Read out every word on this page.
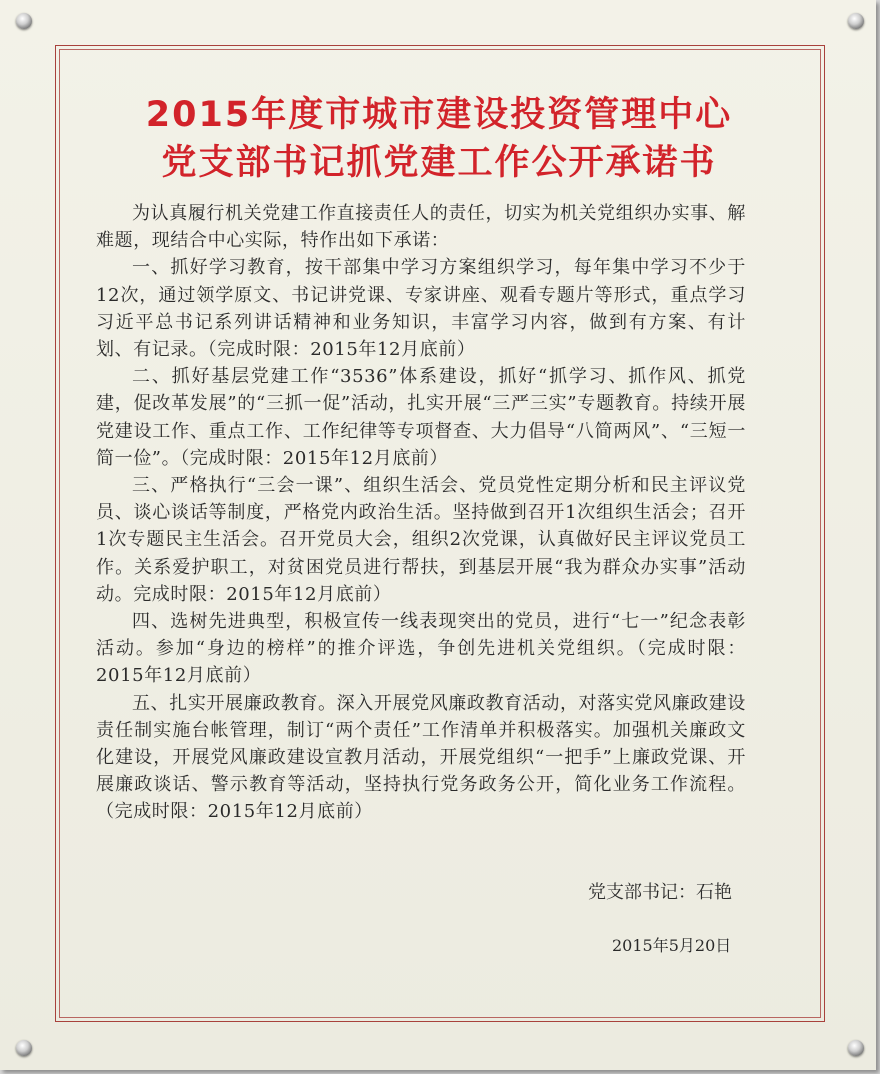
2015年度市城市建设投资管理中心
党支部书记抓党建工作公开承诺书

为认真履行机关党建工作直接责任人的责任，切实为机关党组织办实事、解难题，现结合中心实际，特作出如下承诺：

一、抓好学习教育，按干部集中学习方案组织学习，每年集中学习不少于12次，通过领学原文、书记讲党课、专家讲座、观看专题片等形式，重点学习习近平总书记系列讲话精神和业务知识，丰富学习内容，做到有方案、有计划、有记录。（完成时限：2015年12月底前）

二、抓好基层党建工作“3536”体系建设，抓好“抓学习、抓作风、抓党建，促改革发展”的“三抓一促”活动，扎实开展“三严三实”专题教育。持续开展党建设工作、重点工作、工作纪律等专项督查、大力倡导“八简两风”、“三短一简一俭”。（完成时限：2015年12月底前）

三、严格执行“三会一课”、组织生活会、党员党性定期分析和民主评议党员、谈心谈话等制度，严格党内政治生活。坚持做到召开1次组织生活会；召开1次专题民主生活会。召开党员大会，组织2次党课，认真做好民主评议党员工作。关系爱护职工，对贫困党员进行帮扶，到基层开展“我为群众办实事”活动动。完成时限：2015年12月底前）

四、选树先进典型，积极宣传一线表现突出的党员，进行“七一”纪念表彰活动。参加“身边的榜样”的推介评选，争创先进机关党组织。（完成时限：2015年12月底前）

五、扎实开展廉政教育。深入开展党风廉政教育活动，对落实党风廉政建设责任制实施台帐管理，制订“两个责任”工作清单并积极落实。加强机关廉政文化建设，开展党风廉政建设宣教月活动，开展党组织“一把手”上廉政党课、开展廉政谈话、警示教育等活动，坚持执行党务政务公开，简化业务工作流程。（完成时限：2015年12月底前）

党支部书记：石艳
2015年5月20日
